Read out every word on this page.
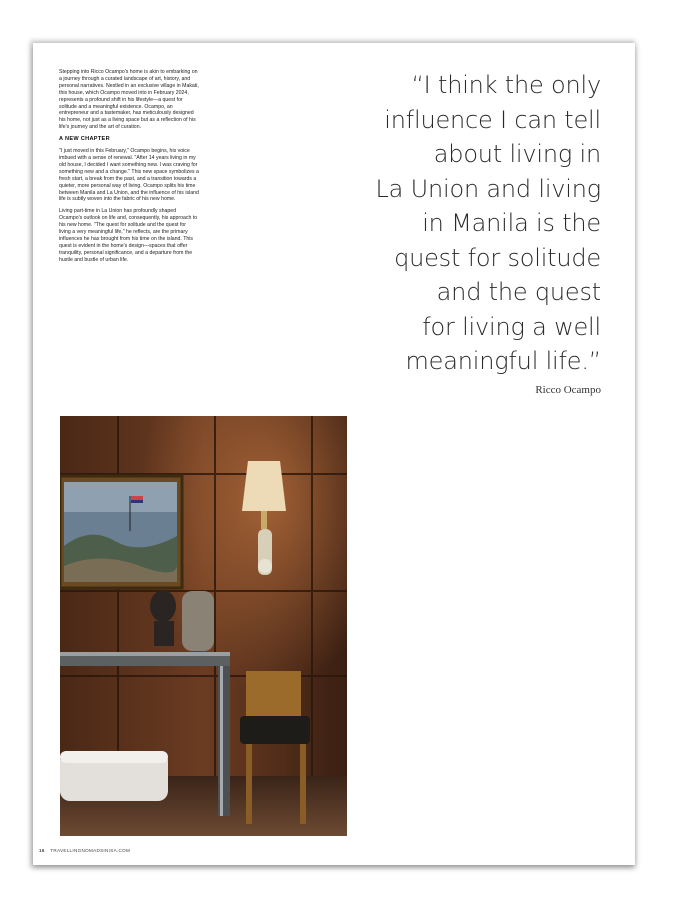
Stepping into Ricco Ocampo's home is akin to embarking on a journey through a curated landscape of art, history, and personal narratives. Nestled in an exclusive village in Makati, this house, which Ocampo moved into in February 2024, represents a profound shift in his lifestyle—a quest for solitude and a meaningful existence. Ocampo, an entrepreneur and a tastemaker, has meticulously designed his home, not just as a living space but as a reflection of his life's journey and the art of curation.

A NEW CHAPTER

"I just moved in this February," Ocampo begins, his voice imbued with a sense of renewal. "After 14 years living in my old house, I decided I want something new. I was craving for something new and a change." This new space symbolizes a fresh start, a break from the past, and a transition towards a quieter, more personal way of living. Ocampo splits his time between Manila and La Union, and the influence of his island life is subtly woven into the fabric of his new home.

Living part-time in La Union has profoundly shaped Ocampo's outlook on life and, consequently, his approach to his new home. "The quest for solitude and the quest for living a very meaningful life," he reflects, are the primary influences he has brought from his time on the island. This quest is evident in the home's design—spaces that offer tranquility, personal significance, and a departure from the hustle and bustle of urban life.

“I think the only
influence I can tell
about living in
La Union and living
in Manila is the
quest for solitude
and the quest
for living a well
meaningful life.”
Ricco Ocampo
16 TRAVELLINGNOMADSINISA.COM
